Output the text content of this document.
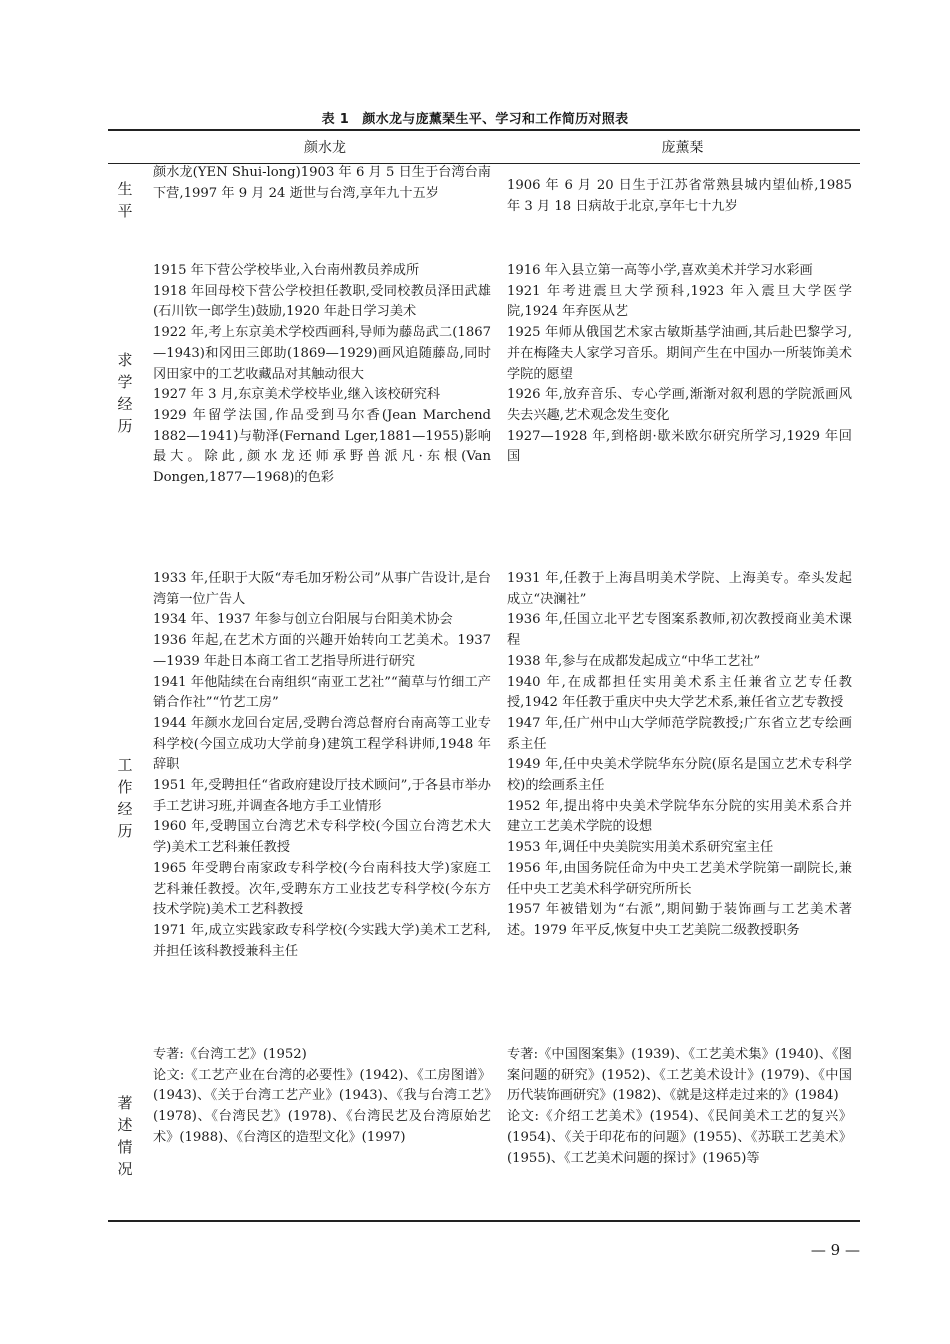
表 1　颜水龙与庞薰琹生平、学习和工作简历对照表
颜水龙	庞薰琹
生
平

颜水龙(YEN Shui-long)1903 年 6 月 5 日生于台湾台南下营,1997 年 9 月 24 逝世与台湾,享年九十五岁

1906 年 6 月 20 日生于江苏省常熟县城内望仙桥,1985 年 3 月 18 日病故于北京,享年七十九岁

求
学
经
历

1915 年下营公学校毕业,入台南州教员养成所

1918 年回母校下营公学校担任教职,受同校教员泽田武雄(石川钦一郎学生)鼓励,1920 年赴日学习美术

1922 年,考上东京美术学校西画科,导师为藤岛武二(1867—1943)和冈田三郎助(1869—1929)画风追随藤岛,同时冈田家中的工艺收藏品对其触动很大

1927 年 3 月,东京美术学校毕业,继入该校研究科

1929 年留学法国,作品受到马尔香(Jean Marchend 1882—1941)与勒泽(Fernand Lger,1881—1955)影响最大。除此,颜水龙还师承野兽派凡·东根(Van Dongen,1877—1968)的色彩

1916 年入县立第一高等小学,喜欢美术并学习水彩画

1921 年考进震旦大学预科,1923 年入震旦大学医学院,1924 年弃医从艺

1925 年师从俄国艺术家古敏斯基学油画,其后赴巴黎学习,并在梅隆夫人家学习音乐。期间产生在中国办一所装饰美术学院的愿望

1926 年,放弃音乐、专心学画,渐渐对叙利恩的学院派画风失去兴趣,艺术观念发生变化

1927—1928 年,到格朗·歇米欧尔研究所学习,1929 年回国

工
作
经
历

1933 年,任职于大阪“寿毛加牙粉公司”从事广告设计,是台湾第一位广告人

1934 年、1937 年参与创立台阳展与台阳美术协会

1936 年起,在艺术方面的兴趣开始转向工艺美术。1937—1939 年赴日本商工省工艺指导所进行研究

1941 年他陆续在台南组织“南亚工艺社”“蔺草与竹细工产销合作社”“竹艺工房”

1944 年颜水龙回台定居,受聘台湾总督府台南高等工业专科学校(今国立成功大学前身)建筑工程学科讲师,1948 年辞职

1951 年,受聘担任“省政府建设厅技术顾问”,于各县市举办手工艺讲习班,并调查各地方手工业情形

1960 年,受聘国立台湾艺术专科学校(今国立台湾艺术大学)美术工艺科兼任教授

1965 年受聘台南家政专科学校(今台南科技大学)家庭工艺科兼任教授。次年,受聘东方工业技艺专科学校(今东方技术学院)美术工艺科教授

1971 年,成立实践家政专科学校(今实践大学)美术工艺科,并担任该科教授兼科主任

1931 年,任教于上海昌明美术学院、上海美专。牵头发起成立“决澜社”

1936 年,任国立北平艺专图案系教师,初次教授商业美术课程

1938 年,参与在成都发起成立“中华工艺社”

1940 年,在成都担任实用美术系主任兼省立艺专任教授,1942 年任教于重庆中央大学艺术系,兼任省立艺专教授

1947 年,任广州中山大学师范学院教授;广东省立艺专绘画系主任

1949 年,任中央美术学院华东分院(原名是国立艺术专科学校)的绘画系主任

1952 年,提出将中央美术学院华东分院的实用美术系合并建立工艺美术学院的设想

1953 年,调任中央美院实用美术系研究室主任

1956 年,由国务院任命为中央工艺美术学院第一副院长,兼任中央工艺美术科学研究所所长

1957 年被错划为“右派”,期间勤于装饰画与工艺美术著述。1979 年平反,恢复中央工艺美院二级教授职务

著
述
情
况

专著:《台湾工艺》(1952)

论文:《工艺产业在台湾的必要性》(1942)、《工房图谱》(1943)、《关于台湾工艺产业》(1943)、《我与台湾工艺》(1978)、《台湾民艺》(1978)、《台湾民艺及台湾原始艺术》(1988)、《台湾区的造型文化》(1997)

专著:《中国图案集》(1939)、《工艺美术集》(1940)、《图案问题的研究》(1952)、《工艺美术设计》(1979)、《中国历代装饰画研究》(1982)、《就是这样走过来的》(1984)

论文:《介绍工艺美术》(1954)、《民间美术工艺的复兴》(1954)、《关于印花布的问题》(1955)、《苏联工艺美术》(1955)、《工艺美术问题的探讨》(1965)等

— 9 —
